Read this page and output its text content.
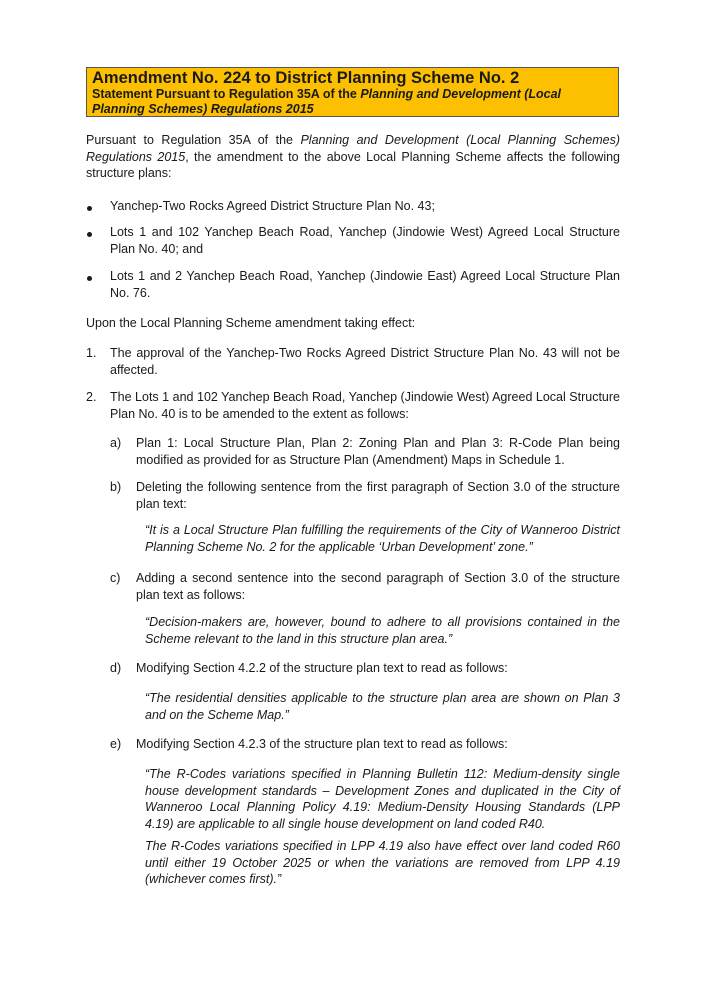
Amendment No. 224 to District Planning Scheme No. 2
Statement Pursuant to Regulation 35A of the Planning and Development (Local Planning Schemes) Regulations 2015

Pursuant to Regulation 35A of the Planning and Development (Local Planning Schemes) Regulations 2015, the amendment to the above Local Planning Scheme affects the following structure plans:

Yanchep-Two Rocks Agreed District Structure Plan No. 43;

Lots 1 and 102 Yanchep Beach Road, Yanchep (Jindowie West) Agreed Local Structure Plan No. 40; and

Lots 1 and 2 Yanchep Beach Road, Yanchep (Jindowie East) Agreed Local Structure Plan No. 76.

Upon the Local Planning Scheme amendment taking effect:

1. The approval of the Yanchep-Two Rocks Agreed District Structure Plan No. 43 will not be affected.

2. The Lots 1 and 102 Yanchep Beach Road, Yanchep (Jindowie West) Agreed Local Structure Plan No. 40 is to be amended to the extent as follows:

a) Plan 1: Local Structure Plan, Plan 2: Zoning Plan and Plan 3: R-Code Plan being modified as provided for as Structure Plan (Amendment) Maps in Schedule 1.

b) Deleting the following sentence from the first paragraph of Section 3.0 of the structure plan text:

“It is a Local Structure Plan fulfilling the requirements of the City of Wanneroo District Planning Scheme No. 2 for the applicable ‘Urban Development’ zone.”

c) Adding a second sentence into the second paragraph of Section 3.0 of the structure plan text as follows:

“Decision-makers are, however, bound to adhere to all provisions contained in the Scheme relevant to the land in this structure plan area.”

d) Modifying Section 4.2.2 of the structure plan text to read as follows:

“The residential densities applicable to the structure plan area are shown on Plan 3 and on the Scheme Map.”

e) Modifying Section 4.2.3 of the structure plan text to read as follows:

“The R-Codes variations specified in Planning Bulletin 112: Medium-density single house development standards – Development Zones and duplicated in the City of Wanneroo Local Planning Policy 4.19: Medium-Density Housing Standards (LPP 4.19) are applicable to all single house development on land coded R40.

The R-Codes variations specified in LPP 4.19 also have effect over land coded R60 until either 19 October 2025 or when the variations are removed from LPP 4.19 (whichever comes first).”
